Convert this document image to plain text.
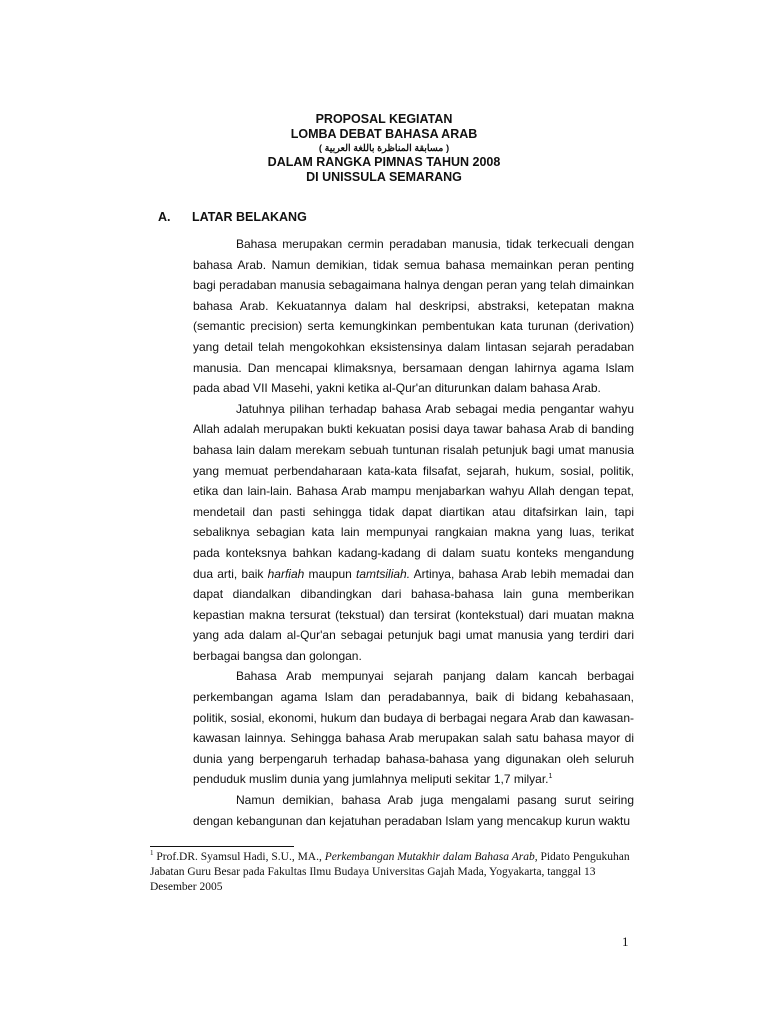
PROPOSAL KEGIATAN
LOMBA DEBAT BAHASA ARAB
( مسابقة المناظرة باللغة العربية )
DALAM RANGKA PIMNAS TAHUN 2008
DI UNISSULA SEMARANG
A. LATAR BELAKANG

Bahasa merupakan cermin peradaban manusia, tidak terkecuali dengan bahasa Arab. Namun demikian, tidak semua bahasa memainkan peran penting bagi peradaban manusia sebagaimana halnya dengan peran yang telah dimainkan bahasa Arab. Kekuatannya dalam hal deskripsi, abstraksi, ketepatan makna (semantic precision) serta kemungkinkan pembentukan kata turunan (derivation) yang detail telah mengokohkan eksistensinya dalam lintasan sejarah peradaban manusia. Dan mencapai klimaksnya, bersamaan dengan lahirnya agama Islam pada abad VII Masehi, yakni ketika al-Qur'an diturunkan dalam bahasa Arab.

Jatuhnya pilihan terhadap bahasa Arab sebagai media pengantar wahyu Allah adalah merupakan bukti kekuatan posisi daya tawar bahasa Arab di banding bahasa lain dalam merekam sebuah tuntunan risalah petunjuk bagi umat manusia yang memuat perbendaharaan kata-kata filsafat, sejarah, hukum, sosial, politik, etika dan lain-lain. Bahasa Arab mampu menjabarkan wahyu Allah dengan tepat, mendetail dan pasti sehingga tidak dapat diartikan atau ditafsirkan lain, tapi sebaliknya sebagian kata lain mempunyai rangkaian makna yang luas, terikat pada konteksnya bahkan kadang-kadang di dalam suatu konteks mengandung dua arti, baik harfiah maupun tamtsiliah. Artinya, bahasa Arab lebih memadai dan dapat diandalkan dibandingkan dari bahasa-bahasa lain guna memberikan kepastian makna tersurat (tekstual) dan tersirat (kontekstual) dari muatan makna yang ada dalam al-Qur'an sebagai petunjuk bagi umat manusia yang terdiri dari berbagai bangsa dan golongan.

Bahasa Arab mempunyai sejarah panjang dalam kancah berbagai perkembangan agama Islam dan peradabannya, baik di bidang kebahasaan, politik, sosial, ekonomi, hukum dan budaya di berbagai negara Arab dan kawasan-kawasan lainnya. Sehingga bahasa Arab merupakan salah satu bahasa mayor di dunia yang berpengaruh terhadap bahasa-bahasa yang digunakan oleh seluruh penduduk muslim dunia yang jumlahnya meliputi sekitar 1,7 milyar.$^1$

Namun demikian, bahasa Arab juga mengalami pasang surut seiring dengan kebangunan dan kejatuhan peradaban Islam yang mencakup kurun waktu

$^1$ Prof.DR. Syamsul Hadi, S.U., MA., Perkembangan Mutakhir dalam Bahasa Arab, Pidato Pengukuhan Jabatan Guru Besar pada Fakultas Ilmu Budaya Universitas Gajah Mada, Yogyakarta, tanggal 13 Desember 2005
1
